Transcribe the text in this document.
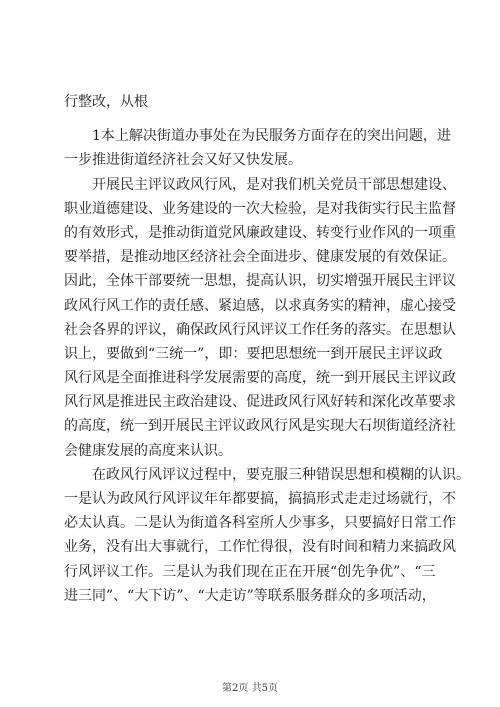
行整改，从根
1本上解决街道办事处在为民服务方面存在的突出问题，进
一步推进街道经济社会又好又快发展。
开展民主评议政风行风，是对我们机关党员干部思想建设、
职业道德建设、业务建设的一次大检验，是对我街实行民主监督
的有效形式，是推动街道党风廉政建设、转变行业作风的一项重
要举措，是推动地区经济社会全面进步、健康发展的有效保证。
因此，全体干部要统一思想，提高认识，切实增强开展民主评议
政风行风工作的责任感、紧迫感，以求真务实的精神，虚心接受
社会各界的评议，确保政风行风评议工作任务的落实。在思想认
识上，要做到“三统一”，即：要把思想统一到开展民主评议政
风行风是全面推进科学发展需要的高度，统一到开展民主评议政
风行风是推进民主政治建设、促进政风行风好转和深化改革要求
的高度，统一到开展民主评议政风行风是实现大石坝街道经济社
会健康发展的高度来认识。
在政风行风评议过程中，要克服三种错误思想和模糊的认识。
一是认为政风行风评议年年都要搞，搞搞形式走走过场就行，不
必太认真。二是认为街道各科室所人少事多，只要搞好日常工作
业务，没有出大事就行，工作忙得很，没有时间和精力来搞政风
行风评议工作。三是认为我们现在正在开展“创先争优”、“三
进三同”、“大下访”、“大走访”等联系服务群众的多项活动，
第2页 共5页
